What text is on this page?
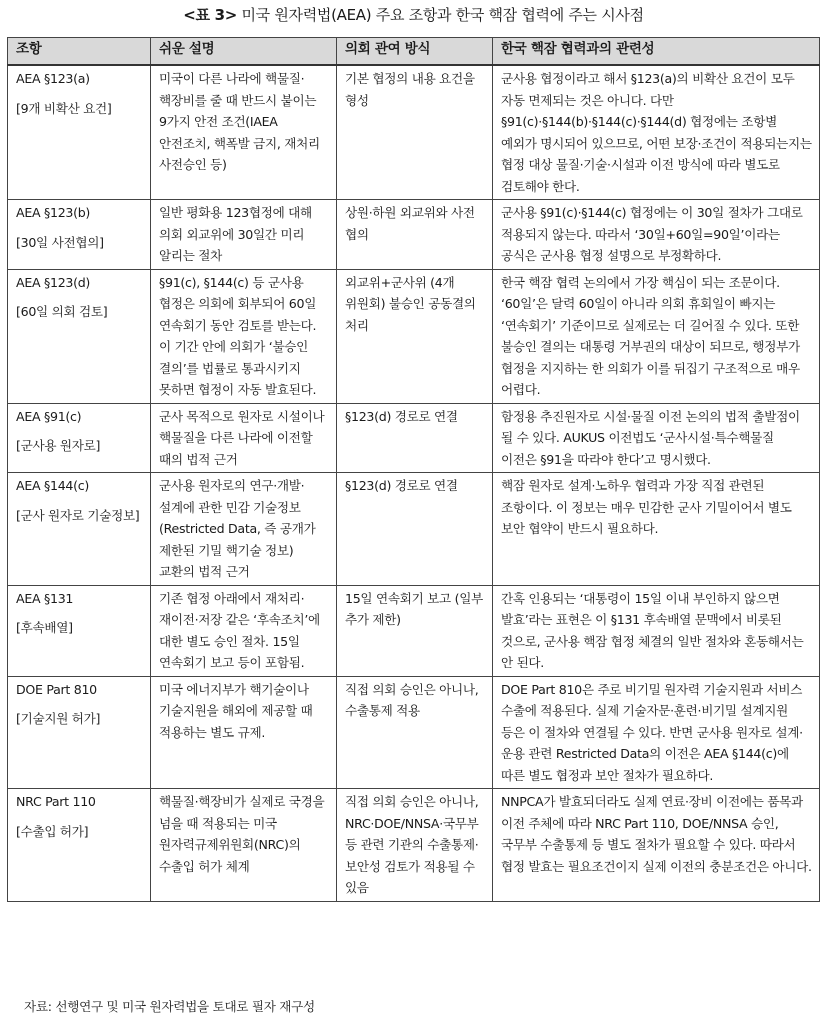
<표 3> 미국 원자력법(AEA) 주요 조항과 한국 핵잠 협력에 주는 시사점
조항	쉬운 설명	의회 관여 방식	한국 핵잠 협력과의 관련성

AEA §123(a)
[9개 비확산 요건]	미국이 다른 나라에 핵물질·핵장비를 줄 때 반드시 붙이는 9가지 안전 조건(IAEA 안전조치, 핵폭발 금지, 재처리 사전승인 등)	기본 협정의 내용 요건을 형성	군사용 협정이라고 해서 §123(a)의 비확산 요건이 모두 자동 면제되는 것은 아니다. 다만 §91(c)·§144(b)·§144(c)·§144(d) 협정에는 조항별 예외가 명시되어 있으므로, 어떤 보장·조건이 적용되는지는 협정 대상 물질·기술·시설과 이전 방식에 따라 별도로 검토해야 한다.

AEA §123(b)
[30일 사전협의]	일반 평화용 123협정에 대해 의회 외교위에 30일간 미리 알리는 절차	상원·하원 외교위와 사전 협의	군사용 §91(c)·§144(c) 협정에는 이 30일 절차가 그대로 적용되지 않는다. 따라서 ‘30일+60일=90일’이라는 공식은 군사용 협정 설명으로 부정확하다.

AEA §123(d)
[60일 의회 검토]	§91(c), §144(c) 등 군사용 협정은 의회에 회부되어 60일 연속회기 동안 검토를 받는다. 이 기간 안에 의회가 ‘불승인 결의’를 법률로 통과시키지 못하면 협정이 자동 발효된다.	외교위+군사위 (4개 위원회) 불승인 공동결의 처리	한국 핵잠 협력 논의에서 가장 핵심이 되는 조문이다. ‘60일’은 달력 60일이 아니라 의회 휴회일이 빠지는 ‘연속회기’ 기준이므로 실제로는 더 길어질 수 있다. 또한 불승인 결의는 대통령 거부권의 대상이 되므로, 행정부가 협정을 지지하는 한 의회가 이를 뒤집기 구조적으로 매우 어렵다.

AEA §91(c)
[군사용 원자로]	군사 목적으로 원자로 시설이나 핵물질을 다른 나라에 이전할 때의 법적 근거	§123(d) 경로로 연결	함정용 추진원자로 시설·물질 이전 논의의 법적 출발점이 될 수 있다. AUKUS 이전법도 ‘군사시설·특수핵물질 이전은 §91을 따라야 한다’고 명시했다.

AEA §144(c)
[군사 원자로 기술정보]	군사용 원자로의 연구·개발·설계에 관한 민감 기술정보(Restricted Data, 즉 공개가 제한된 기밀 핵기술 정보) 교환의 법적 근거	§123(d) 경로로 연결	핵잠 원자로 설계·노하우 협력과 가장 직접 관련된 조항이다. 이 정보는 매우 민감한 군사 기밀이어서 별도 보안 협약이 반드시 필요하다.

AEA §131
[후속배열]	기존 협정 아래에서 재처리·재이전·저장 같은 ‘후속조치’에 대한 별도 승인 절차. 15일 연속회기 보고 등이 포함됨.	15일 연속회기 보고 (일부 추가 제한)	간혹 인용되는 ‘대통령이 15일 이내 부인하지 않으면 발효’라는 표현은 이 §131 후속배열 문맥에서 비롯된 것으로, 군사용 핵잠 협정 체결의 일반 절차와 혼동해서는 안 된다.

DOE Part 810
[기술지원 허가]	미국 에너지부가 핵기술이나 기술지원을 해외에 제공할 때 적용하는 별도 규제.	직접 의회 승인은 아니나, 수출통제 적용	DOE Part 810은 주로 비기밀 원자력 기술지원과 서비스 수출에 적용된다. 실제 기술자문·훈련·비기밀 설계지원 등은 이 절차와 연결될 수 있다. 반면 군사용 원자로 설계·운용 관련 Restricted Data의 이전은 AEA §144(c)에 따른 별도 협정과 보안 절차가 필요하다.

NRC Part 110
[수출입 허가]	핵물질·핵장비가 실제로 국경을 넘을 때 적용되는 미국 원자력규제위원회(NRC)의 수출입 허가 체계	직접 의회 승인은 아니나, NRC·DOE/NNSA·국무부 등 관련 기관의 수출통제·보안성 검토가 적용될 수 있음	NNPCA가 발효되더라도 실제 연료·장비 이전에는 품목과 이전 주체에 따라 NRC Part 110, DOE/NNSA 승인, 국무부 수출통제 등 별도 절차가 필요할 수 있다. 따라서 협정 발효는 필요조건이지 실제 이전의 충분조건은 아니다.
자료: 선행연구 및 미국 원자력법을 토대로 필자 재구성
